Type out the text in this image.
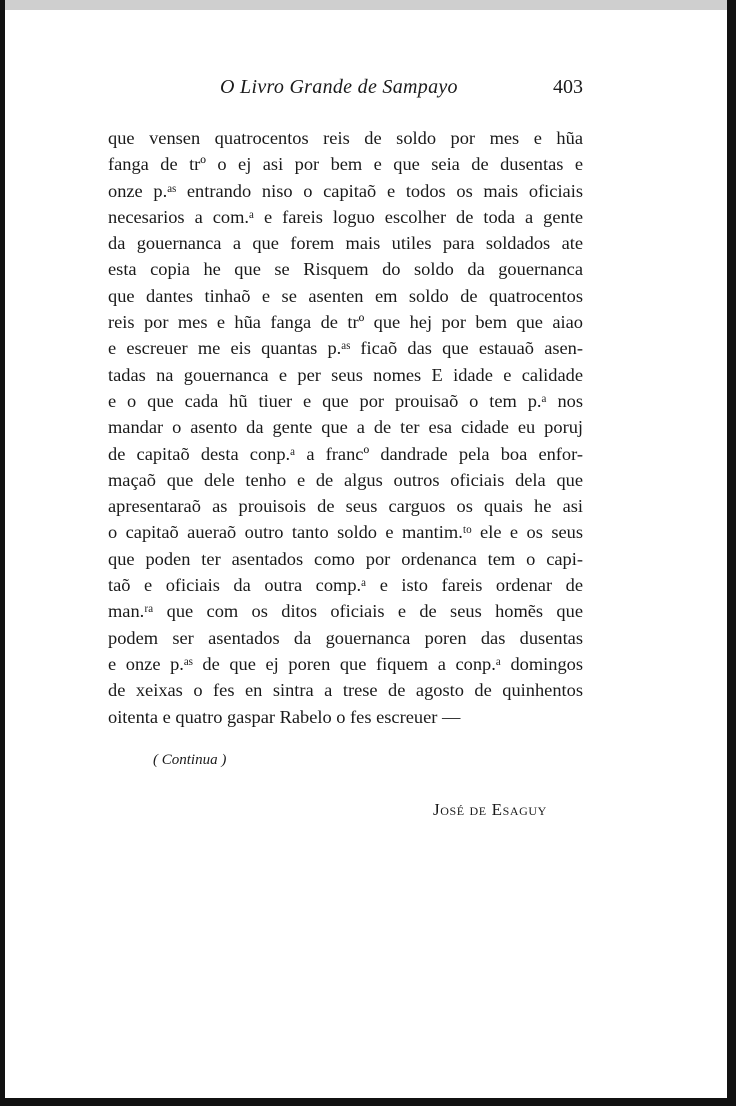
O Livro Grande de Sampayo	403

que vensen quatrocentos reis de soldo por mes e hũa
fanga de trº o ej asi por bem e que seia de dusentas e
onze p.ᵃˢ entrando niso o capitaõ e todos os mais oficiais
necesarios a com.ᵃ e fareis loguo escolher de toda a gente
da gouernanca a que forem mais utiles para soldados ate
esta copia he que se Risquem do soldo da gouernanca
que dantes tinhaõ e se asenten em soldo de quatrocentos
reis por mes e hũa fanga de trº que hej por bem que aiao
e escreuer me eis quantas p.ᵃˢ ficaõ das que estauaõ asen-
tadas na gouernanca e per seus nomes E idade e calidade
e o que cada hũ tiuer e que por prouisaõ o tem p.ᵃ nos
mandar o asento da gente que a de ter esa cidade eu poruj
de capitaõ desta conp.ᵃ a francº dandrade pela boa enfor-
maçaõ que dele tenho e de algus outros oficiais dela que
apresentaraõ as prouisois de seus carguos os quais he asi
o capitaõ aueraõ outro tanto soldo e mantim.ᵗᵒ ele e os seus
que poden ter asentados como por ordenanca tem o capi-
taõ e oficiais da outra comp.ᵃ e isto fareis ordenar de
man.ʳᵃ que com os ditos oficiais e de seus homẽs que
podem ser asentados da gouernanca poren das dusentas
e onze p.ᵃˢ de que ej poren que fiquem a conp.ᵃ domingos
de xeixas o fes en sintra a trese de agosto de quinhentos
oitenta e quatro gaspar Rabelo o fes escreuer —

( Continua )
José de Esaguy
